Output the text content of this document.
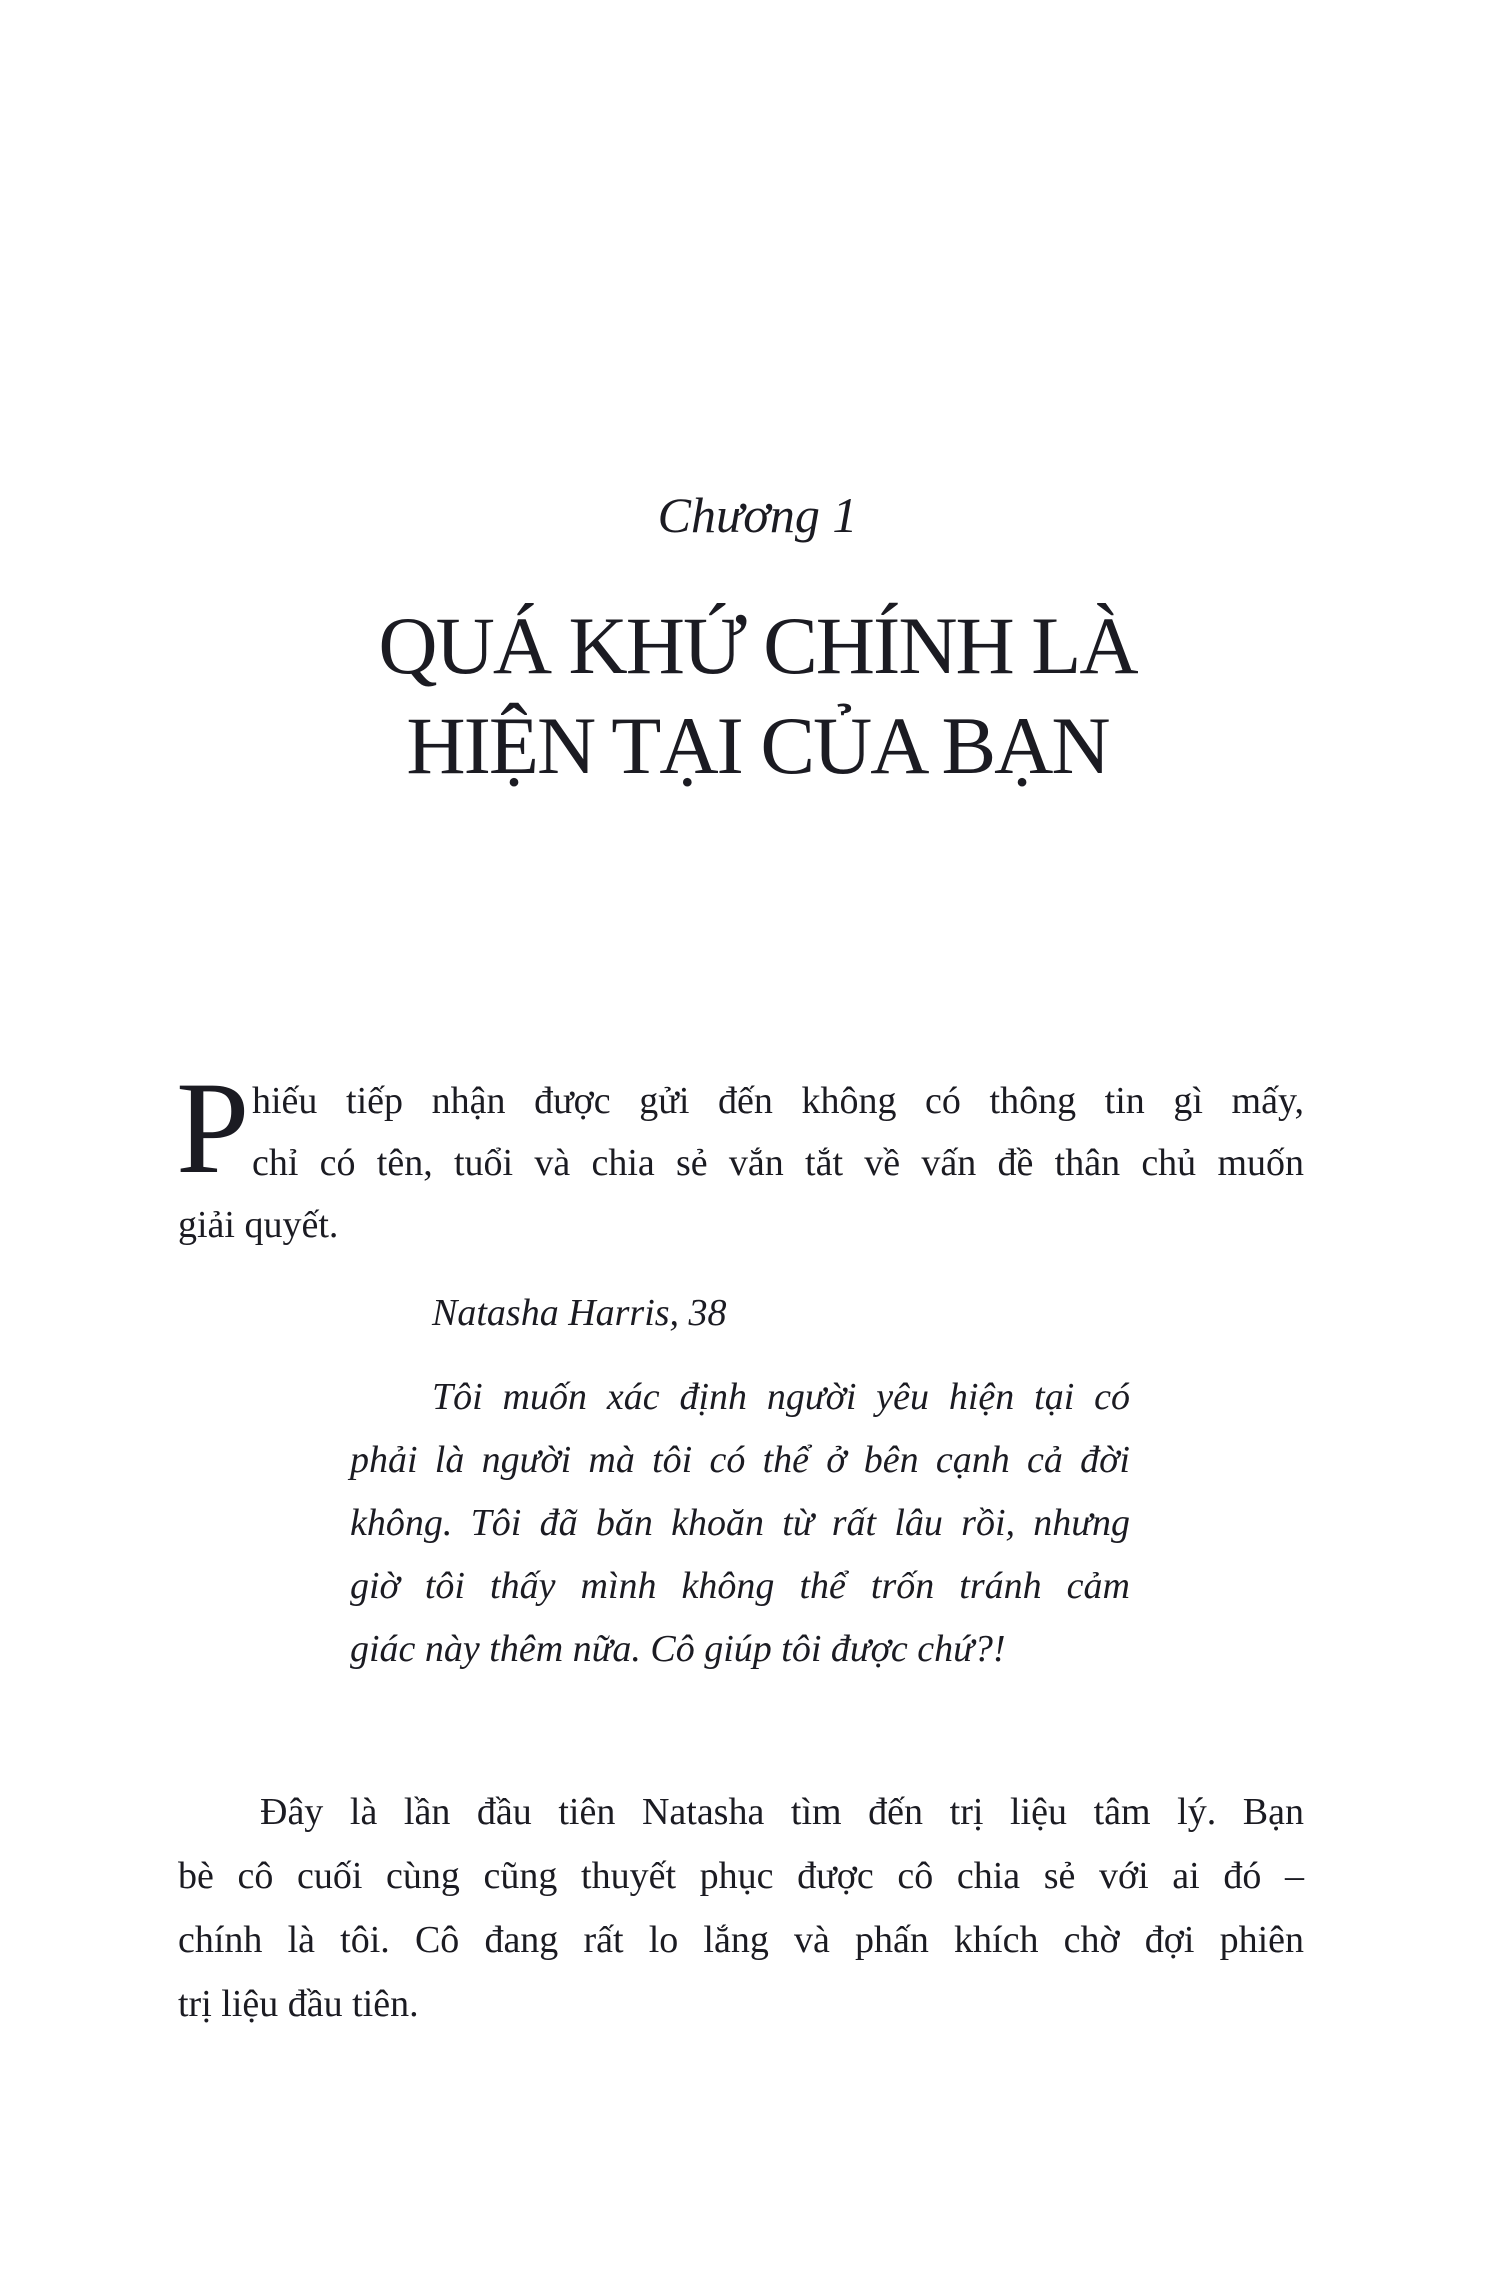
Chương 1
QUÁ KHỨ CHÍNH LÀ
HIỆN TẠI CỦA BẠN
P hiếu tiếp nhận được gửi đến không có thông tin gì mấy,
chỉ có tên, tuổi và chia sẻ vắn tắt về vấn đề thân chủ muốn
giải quyết.
Natasha Harris, 38
Tôi muốn xác định người yêu hiện tại có
phải là người mà tôi có thể ở bên cạnh cả đời
không. Tôi đã băn khoăn từ rất lâu rồi, nhưng
giờ tôi thấy mình không thể trốn tránh cảm
giác này thêm nữa. Cô giúp tôi được chứ?!
Đây là lần đầu tiên Natasha tìm đến trị liệu tâm lý. Bạn
bè cô cuối cùng cũng thuyết phục được cô chia sẻ với ai đó –
chính là tôi. Cô đang rất lo lắng và phấn khích chờ đợi phiên
trị liệu đầu tiên.
